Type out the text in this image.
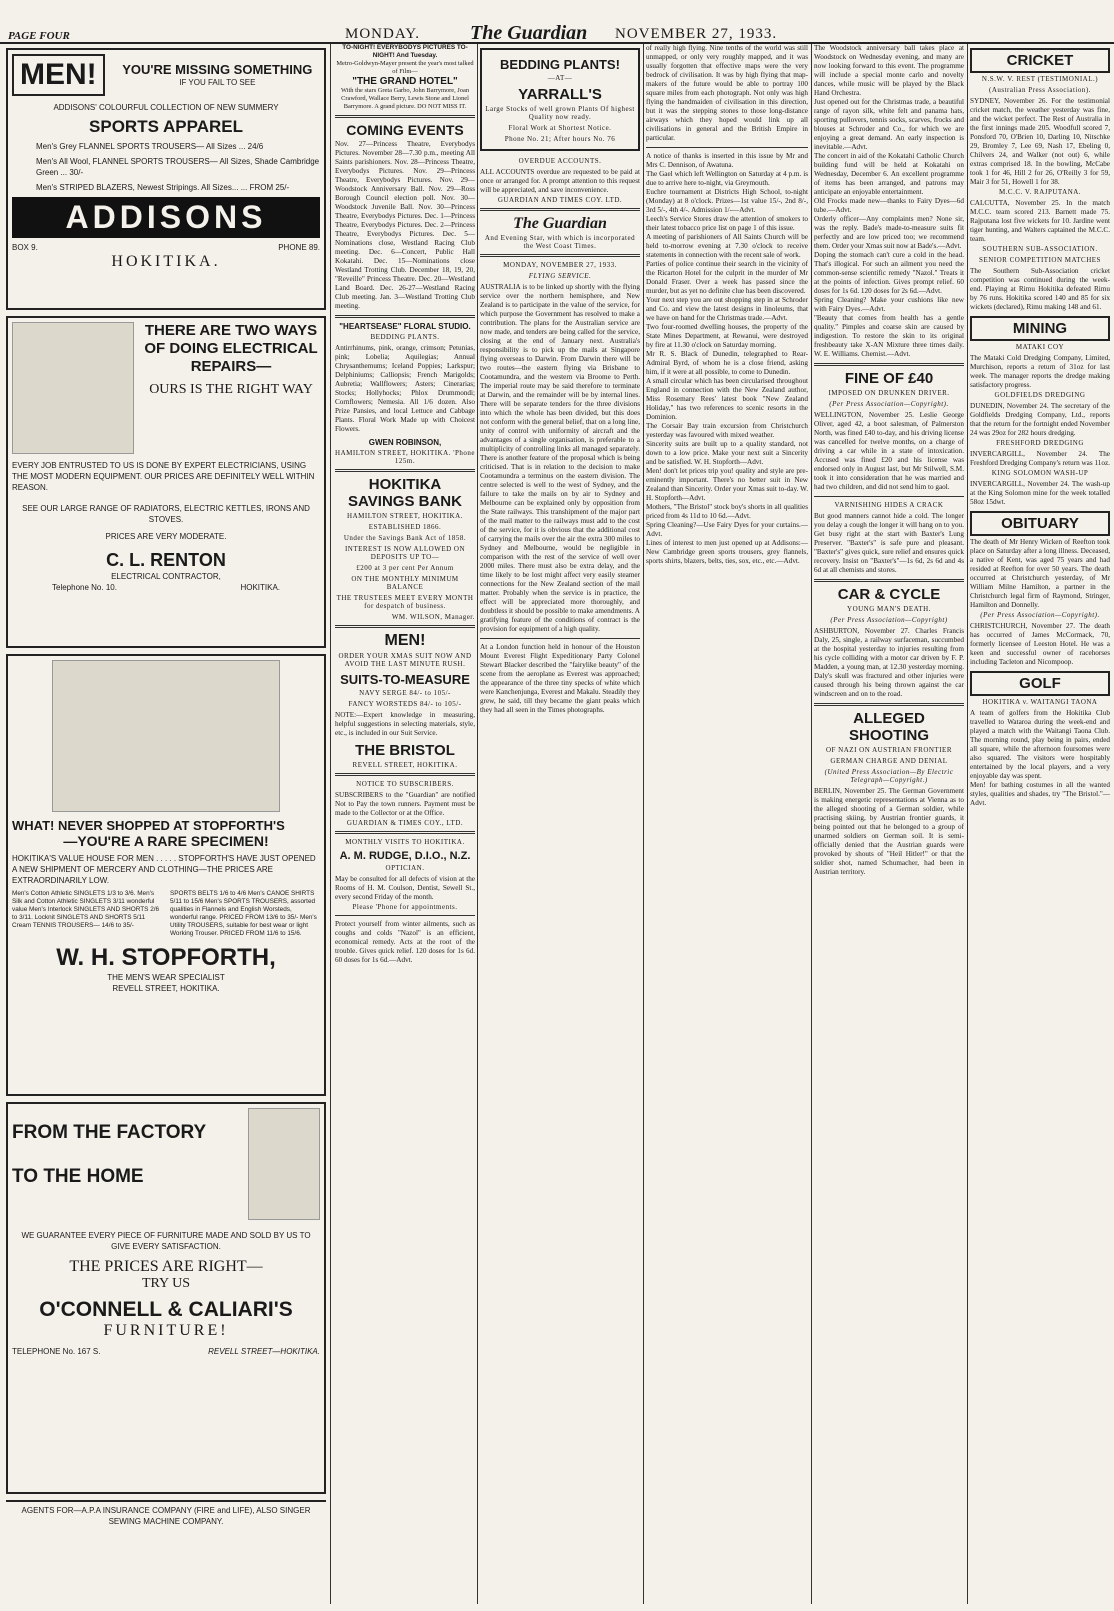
PAGE FOUR	MONDAY.	The Guardian NOVEMBER 27, 1933.
MEN!	YOU'RE MISSING SOMETHING
IF YOU FAIL TO SEE
ADDISONS' COLOURFUL COLLECTION OF NEW SUMMERY
SPORTS APPAREL
Men's Grey FLANNEL SPORTS TROUSERS— All Sizes ... 24/6
Men's All Wool, FLANNEL SPORTS TROUSERS— All Sizes, Shade Cambridge Green ... 30/-
Men's STRIPED BLAZERS, Newest Stripings. All Sizes... ... FROM 25/-
ADDISONS
BOX 9.	PHONE 89.
HOKITIKA.
THERE ARE TWO WAYS OF DOING ELECTRICAL REPAIRS—
OURS IS THE RIGHT WAY
EVERY JOB ENTRUSTED TO US IS DONE BY EXPERT ELECTRICIANS, USING THE MOST MODERN EQUIPMENT. OUR PRICES ARE DEFINITELY WELL WITHIN REASON.
SEE OUR LARGE RANGE OF RADIATORS, ELECTRIC KETTLES, IRONS AND STOVES.
PRICES ARE VERY MODERATE.
C. L. RENTON
ELECTRICAL CONTRACTOR,
Telephone No. 10.	HOKITIKA.
WHAT! NEVER SHOPPED AT STOPFORTH'S
—YOU'RE A RARE SPECIMEN!
HOKITIKA'S VALUE HOUSE FOR MEN . . . . . STOPFORTH'S HAVE JUST OPENED A NEW SHIPMENT OF MERCERY AND CLOTHING—THE PRICES ARE EXTRAORDINARILY LOW.
Men's Cotton Athletic SINGLETS 1/3 to 3/6. Men's Silk and Cotton Athletic SINGLETS 3/11 wonderful value Men's Interlock SINGLETS AND SHORTS 2/6 to 3/11. Locknit SINGLETS AND SHORTS 5/11 Cream TENNIS TROUSERS— 14/6 to 35/-
SPORTS BELTS 1/6 to 4/6 Men's CANOE SHIRTS 5/11 to 15/6 Men's SPORTS TROUSERS, assorted qualities in Flannels and English Worsteds, wonderful range. PRICED FROM 13/6 to 35/- Men's Utility TROUSERS, suitable for best wear or light Working Trouser. PRICED FROM 11/6 to 15/6.
W. H. STOPFORTH,
THE MEN'S WEAR SPECIALIST
REVELL STREET, HOKITIKA.
FROM THE FACTORY
TO THE HOME
WE GUARANTEE EVERY PIECE OF FURNITURE MADE AND SOLD BY US TO GIVE EVERY SATISFACTION.
THE PRICES ARE RIGHT—
TRY US
O'CONNELL & CALIARI'S
FURNITURE!
TELEPHONE No. 167 S.	REVELL STREET—HOKITIKA.
AGENTS FOR—A.P.A INSURANCE COMPANY (FIRE and LIFE), ALSO SINGER SEWING MACHINE COMPANY.
TO-NIGHT! EVERYBODYS PICTURES TO-NIGHT! And Tuesday.
Metro-Goldwyn-Mayer present the year's most talked of Film—
"THE GRAND HOTEL"
With the stars Greta Garbo, John Barrymore, Joan Crawford, Wallace Berry, Lewis Stone and Lionel Barrymore. A grand picture. DO NOT MISS IT.
COMING EVENTS
Nov. 27—Princess Theatre, Everybodys Pictures. November 28—7.30 p.m., meeting All Saints parishioners. Nov. 28—Princess Theatre, Everybodys Pictures. Nov. 29—Princess Theatre, Everybodys Pictures. Nov. 29—Woodstock Anniversary Ball. Nov. 29—Ross Borough Council election poll. Nov. 30—Woodstock Juvenile Ball. Nov. 30—Princess Theatre, Everybodys Pictures. Dec. 1—Princess Theatre, Everybodys Pictures. Dec. 2—Princess Theatre, Everybodys Pictures. Dec. 5—Nominations close, Westland Racing Club meeting. Dec. 6—Concert, Public Hall Kokatahi. Dec. 15—Nominations close Westland Trotting Club. December 18, 19, 20, "Reveille" Princess Theatre. Dec. 20—Westland Land Board. Dec. 26-27—Westland Racing Club meeting. Jan. 3—Westland Trotting Club meeting.
"HEARTSEASE" FLORAL STUDIO.
BEDDING PLANTS.
Antirrhinums, pink, orange, crimson; Petunias, pink; Lobelia; Aquilegias; Annual Chrysanthemums; Iceland Poppies; Larkspur; Delphiniums; Calliopsis; French Marigolds; Aubretia; Wallflowers; Asters; Cinerarias; Stocks; Hollyhocks; Phlox Drummondi; Cornflowers; Nemesia. All 1/6 dozen. Also Prize Pansies, and local Lettuce and Cabbage Plants. Floral Work Made up with Choicest Flowers.
GWEN ROBINSON,
HAMILTON STREET, HOKITIKA. 'Phone 125m.
HOKITIKA SAVINGS BANK
HAMILTON STREET, HOKITIKA.
ESTABLISHED 1866.
Under the Savings Bank Act of 1858.
INTEREST IS NOW ALLOWED ON DEPOSITS UP TO—
£200 at 3 per cent Per Annum
ON THE MONTHLY MINIMUM BALANCE
THE TRUSTEES MEET EVERY MONTH for despatch of business.
WM. WILSON, Manager.
MEN!
ORDER YOUR XMAS SUIT NOW AND AVOID THE LAST MINUTE RUSH.
SUITS-TO-MEASURE
NAVY SERGE 84/- to 105/-
FANCY WORSTEDS 84/- to 105/-
NOTE:—Expert knowledge in measuring, helpful suggestions in selecting materials, style, etc., is included in our Suit Service.
THE BRISTOL
REVELL STREET, HOKITIKA.
NOTICE TO SUBSCRIBERS.
SUBSCRIBERS to the "Guardian" are notified Not to Pay the town runners. Payment must be made to the Collector or at the Office.
GUARDIAN & TIMES COY., LTD.
MONTHLY VISITS TO HOKITIKA.
A. M. RUDGE, D.I.O., N.Z.
OPTICIAN.
May be consulted for all defects of vision at the Rooms of H. M. Coulson, Dentist, Sewell St., every second Friday of the month.
Please 'Phone for appointments.
Protect yourself from winter ailments, such as coughs and colds "Nazol" is an efficient, economical remedy. Acts at the root of the trouble. Gives quick relief. 120 doses for 1s 6d. 60 doses for 1s 6d.—Advt.
BEDDING PLANTS!
—AT—
YARRALL'S
Large Stocks of well grown Plants Of highest Quality now ready.
Floral Work at Shortest Notice.
Phone No. 21; After hours No. 76
OVERDUE ACCOUNTS.
ALL ACCOUNTS overdue are requested to be paid at once or arranged for. A prompt attention to this request will be appreciated, and save inconvenience.
GUARDIAN AND TIMES COY. LTD.
The Guardian
And Evening Star, with which is incorporated the West Coast Times.
MONDAY, NOVEMBER 27, 1933.
FLYING SERVICE.
AUSTRALIA is to be linked up shortly with the flying service over the northern hemisphere, and New Zealand is to participate in the value of the service, for which purpose the Government has resolved to make a contribution. The plans for the Australian service are now made, and tenders are being called for the service, closing at the end of January next. Australia's responsibility is to pick up the mails at Singapore flying overseas to Darwin. From Darwin there will be two routes—the eastern flying via Brisbane to Cootamundra, and the western via Broome to Perth. The imperial route may be said therefore to terminate at Darwin, and the remainder will be by internal lines. There will be separate tenders for the three divisions into which the whole has been divided, but this does not conform with the general belief, that on a long line, unity of control with uniformity of aircraft and the advantages of a single organisation, is preferable to a multiplicity of controlling links all managed separately. There is another feature of the proposal which is being criticised. That is in relation to the decision to make Cootamundra a terminus on the eastern division. The centre selected is well to the west of Sydney, and the failure to take the mails on by air to Sydney and Melbourne can be explained only by opposition from the State railways. This transhipment of the major part of the mail matter to the railways must add to the cost of the service, for it is obvious that the additional cost of carrying the mails over the air the extra 300 miles to Sydney and Melbourne, would be negligible in comparison with the rest of the service of well over 2000 miles. There must also be extra delay, and the time likely to be lost might affect very easily steamer connections for the New Zealand section of the mail matter. Probably when the service is in practice, the effect will be appreciated more thoroughly, and doubtless it should be possible to make amendments. A gratifying feature of the conditions of contract is the provision for equipment of a high quality.
At a London function held in honour of the Houston Mount Everest Flight Expeditionary Party Colonel Stewart Blacker described the "fairylike beauty" of the scene from the aeroplane as Everest was approached; the appearance of the three tiny specks of white which were Kanchenjunga, Everest and Makalu. Steadily they grew, he said, till they became the giant peaks which they had all seen in the Times photographs.
of really high flying. Nine tenths of the world was still unmapped, or only very roughly mapped, and it was usually forgotten that effective maps were the very bedrock of civilisation. It was by high flying that map-makers of the future would be able to portray 100 square miles from each photograph. Not only was high flying the handmaiden of civilisation in this direction, but it was the stepping stones to those long-distance airways which they hoped would link up all civilisations in general and the British Empire in particular.
A notice of thanks is inserted in this issue by Mr and Mrs C. Dennison, of Awatuna.
The Gael which left Wellington on Saturday at 4 p.m. is due to arrive here to-night, via Greymouth.
Euchre tournament at Districts High School, to-night (Monday) at 8 o'clock. Prizes—1st value 15/-, 2nd 8/-, 3rd 5/-, 4th 4/-. Admission 1/-—Advt.
Leech's Service Stores draw the attention of smokers to their latest tobacco price list on page 1 of this issue.
A meeting of parishioners of All Saints Church will be held to-morrow evening at 7.30 o'clock to receive statements in connection with the recent sale of work.
Parties of police continue their search in the vicinity of the Ricarton Hotel for the culprit in the murder of Mr Donald Fraser. Over a week has passed since the murder, but as yet no definite clue has been discovered.
Your next step you are out shopping step in at Schroder and Co. and view the latest designs in linoleums, that we have on hand for the Christmas trade.—Advt.
Two four-roomed dwelling houses, the property of the State Mines Department, at Rewanui, were destroyed by fire at 11.30 o'clock on Saturday morning.
Mr R. S. Black of Dunedin, telegraphed to Rear-Admiral Byrd, of whom he is a close friend, asking him, if it were at all possible, to come to Dunedin.
A small circular which has been circularised throughout England in connection with the New Zealand author, Miss Rosemary Rees' latest book "New Zealand Holiday," has two references to scenic resorts in the Dominion.
The Corsair Bay train excursion from Christchurch yesterday was favoured with mixed weather.
Sincerity suits are built up to a quality standard, not down to a low price. Make your next suit a Sincerity and be satisfied. W. H. Stopforth—Advt.
Men! don't let prices trip you! quality and style are pre-eminently important. There's no better suit in New Zealand than Sincerity. Order your Xmas suit to-day. W. H. Stopforth—Advt.
Mothers, "The Bristol" stock boy's shorts in all qualities priced from 4s 11d to 10 6d.—Advt.
Spring Cleaning?—Use Fairy Dyes for your curtains.—Advt.
Lines of interest to men just opened up at Addisons:—New Cambridge green sports trousers, grey flannels, sports shirts, blazers, belts, ties, sox, etc., etc.—Advt.
The Woodstock anniversary ball takes place at Woodstock on Wednesday evening, and many are now looking forward to this event. The programme will include a special monte carlo and novelty dances, while music will be played by the Black Hand Orchestra.
Just opened out for the Christmas trade, a beautiful range of rayon silk, white felt and panama hats, sporting pullovers, tennis socks, scarves, frocks and blouses at Schroder and Co., for which we are enjoying a great demand. An early inspection is inevitable.—Advt.
The concert in aid of the Kokatahi Catholic Church building fund will be held at Kokatahi on Wednesday, December 6. An excellent programme of items has been arranged, and patrons may anticipate an enjoyable entertainment.
Old Frocks made new—thanks to Fairy Dyes—6d tube.—Advt.
Orderly officer—Any complaints men? None sir, was the reply. Bade's made-to-measure suits fit perfectly and are low priced too; we recommend them. Order your Xmas suit now at Bade's.—Advt.
Doping the stomach can't cure a cold in the head. That's illogical. For such an ailment you need the common-sense scientific remedy "Nazol." Treats it at the points of infection. Gives prompt relief. 60 doses for 1s 6d. 120 doses for 2s 6d.—Advt.
Spring Cleaning? Make your cushions like new with Fairy Dyes.—Advt.
"Beauty that comes from health has a gentle quality." Pimples and coarse skin are caused by indigestion. To restore the skin to its original freshbeauty take X-AN Mixture three times daily. W. E. Williams. Chemist.—Advt.
FINE OF £40
IMPOSED ON DRUNKEN DRIVER.
(Per Press Association—Copyright).
WELLINGTON, November 25. Leslie George Oliver, aged 42, a boot salesman, of Palmerston North, was fined £40 to-day, and his driving license was cancelled for twelve months, on a charge of driving a car while in a state of intoxication. Accused was fined £20 and his license was endorsed only in August last, but Mr Stilwell, S.M. took it into consideration that he was married and had two children, and did not send him to gaol.
VARNISHING HIDES A CRACK
But good manners cannot hide a cold. The longer you delay a cough the longer it will hang on to you. Get busy right at the start with Baxter's Lung Preserver. "Baxter's" is safe pure and pleasant. "Baxter's" gives quick, sure relief and ensures quick recovery. Insist on "Baxter's"—1s 6d, 2s 6d and 4s 6d at all chemists and stores.
CAR & CYCLE
YOUNG MAN'S DEATH.
(Per Press Association—Copyright)
ASHBURTON, November 27. Charles Francis Daly, 25, single, a railway surfaceman, succumbed at the hospital yesterday to injuries resulting from his cycle colliding with a motor car driven by F. P. Madden, a young man, at 12.30 yesterday morning. Daly's skull was fractured and other injuries were caused through his being thrown against the car windscreen and on to the road.
ALLEGED SHOOTING
OF NAZI ON AUSTRIAN FRONTIER
GERMAN CHARGE AND DENIAL
(United Press Association—By Electric Telegraph—Copyright.)
BERLIN, November 25. The German Government is making energetic representations at Vienna as to the alleged shooting of a German soldier, while practising skiing, by Austrian frontier guards, it being pointed out that he belonged to a group of unarmed soldiers on German soil. It is semi-officially denied that the Austrian guards were provoked by shouts of "Heil Hitler!" or that the soldier shot, named Schumacher, had been in Austrian territory.
CRICKET
N.S.W. V. REST (TESTIMONIAL.)
(Australian Press Association).
SYDNEY, November 26. For the testimonial cricket match, the weather yesterday was fine, and the wicket perfect. The Rest of Australia in the first innings made 205. Woodfull scored 7, Ponsford 70, O'Brien 10, Darling 10, Nitschke 29, Bromley 7, Lee 69, Nash 17, Ebeling 0, Chilvers 24, and Walker (not out) 6, while extras comprised 18. In the bowling, McCabe took 1 for 46, Hill 2 for 26, O'Reilly 3 for 59, Mair 3 for 51, Howell 1 for 38.
M.C.C. V. RAJPUTANA.
CALCUTTA, November 25. In the match M.C.C. team scored 213. Barnett made 75. Rajputana lost five wickets for 10. Jardine went tiger hunting, and Walters captained the M.C.C. team.
SOUTHERN SUB-ASSOCIATION.
SENIOR COMPETITION MATCHES
The Southern Sub-Association cricket competition was continued during the week-end. Playing at Rimu Hokitika defeated Rimu by 76 runs. Hokitika scored 140 and 85 for six wickets (declared), Rimu making 148 and 61.
MINING
MATAKI COY
The Mataki Cold Dredging Company, Limited, Murchison, reports a return of 31oz for last week. The manager reports the dredge making satisfactory progress.
GOLDFIELDS DREDGING
DUNEDIN, November 24. The secretary of the Goldfields Dredging Company, Ltd., reports that the return for the fortnight ended November 24 was 29oz for 282 hours dredging.
FRESHFORD DREDGING
INVERCARGILL, November 24. The Freshford Dredging Company's return was 11oz.
KING SOLOMON WASH-UP
INVERCARGILL, November 24. The wash-up at the King Solomon mine for the week totalled 58oz 15dwt.
OBITUARY
The death of Mr Henry Wicken of Reefton took place on Saturday after a long illness. Deceased, a native of Kent, was aged 75 years and had resided at Reefton for over 50 years. The death occurred at Christchurch yesterday, of Mr William Milne Hamilton, a partner in the Christchurch legal firm of Raymond, Stringer, Hamilton and Donnelly.
(Per Press Association—Copyright).
CHRISTCHURCH, November 27. The death has occurred of James McCormack, 70, formerly licensee of Leeston Hotel. He was a keen and successful owner of racehorses including Tacleton and Nicompoop.
GOLF
HOKITIKA v. WAITANGI TAONA
A team of golfers from the Hokitika Club travelled to Wataroa during the week-end and played a match with the Waitangi Taona Club. The morning round, play being in pairs, ended all square, while the afternoon foursomes were also squared. The visitors were hospitably entertained by the local players, and a very enjoyable day was spent.
Men! for bathing costumes in all the wanted styles, qualities and shades, try "The Bristol."—Advt.
